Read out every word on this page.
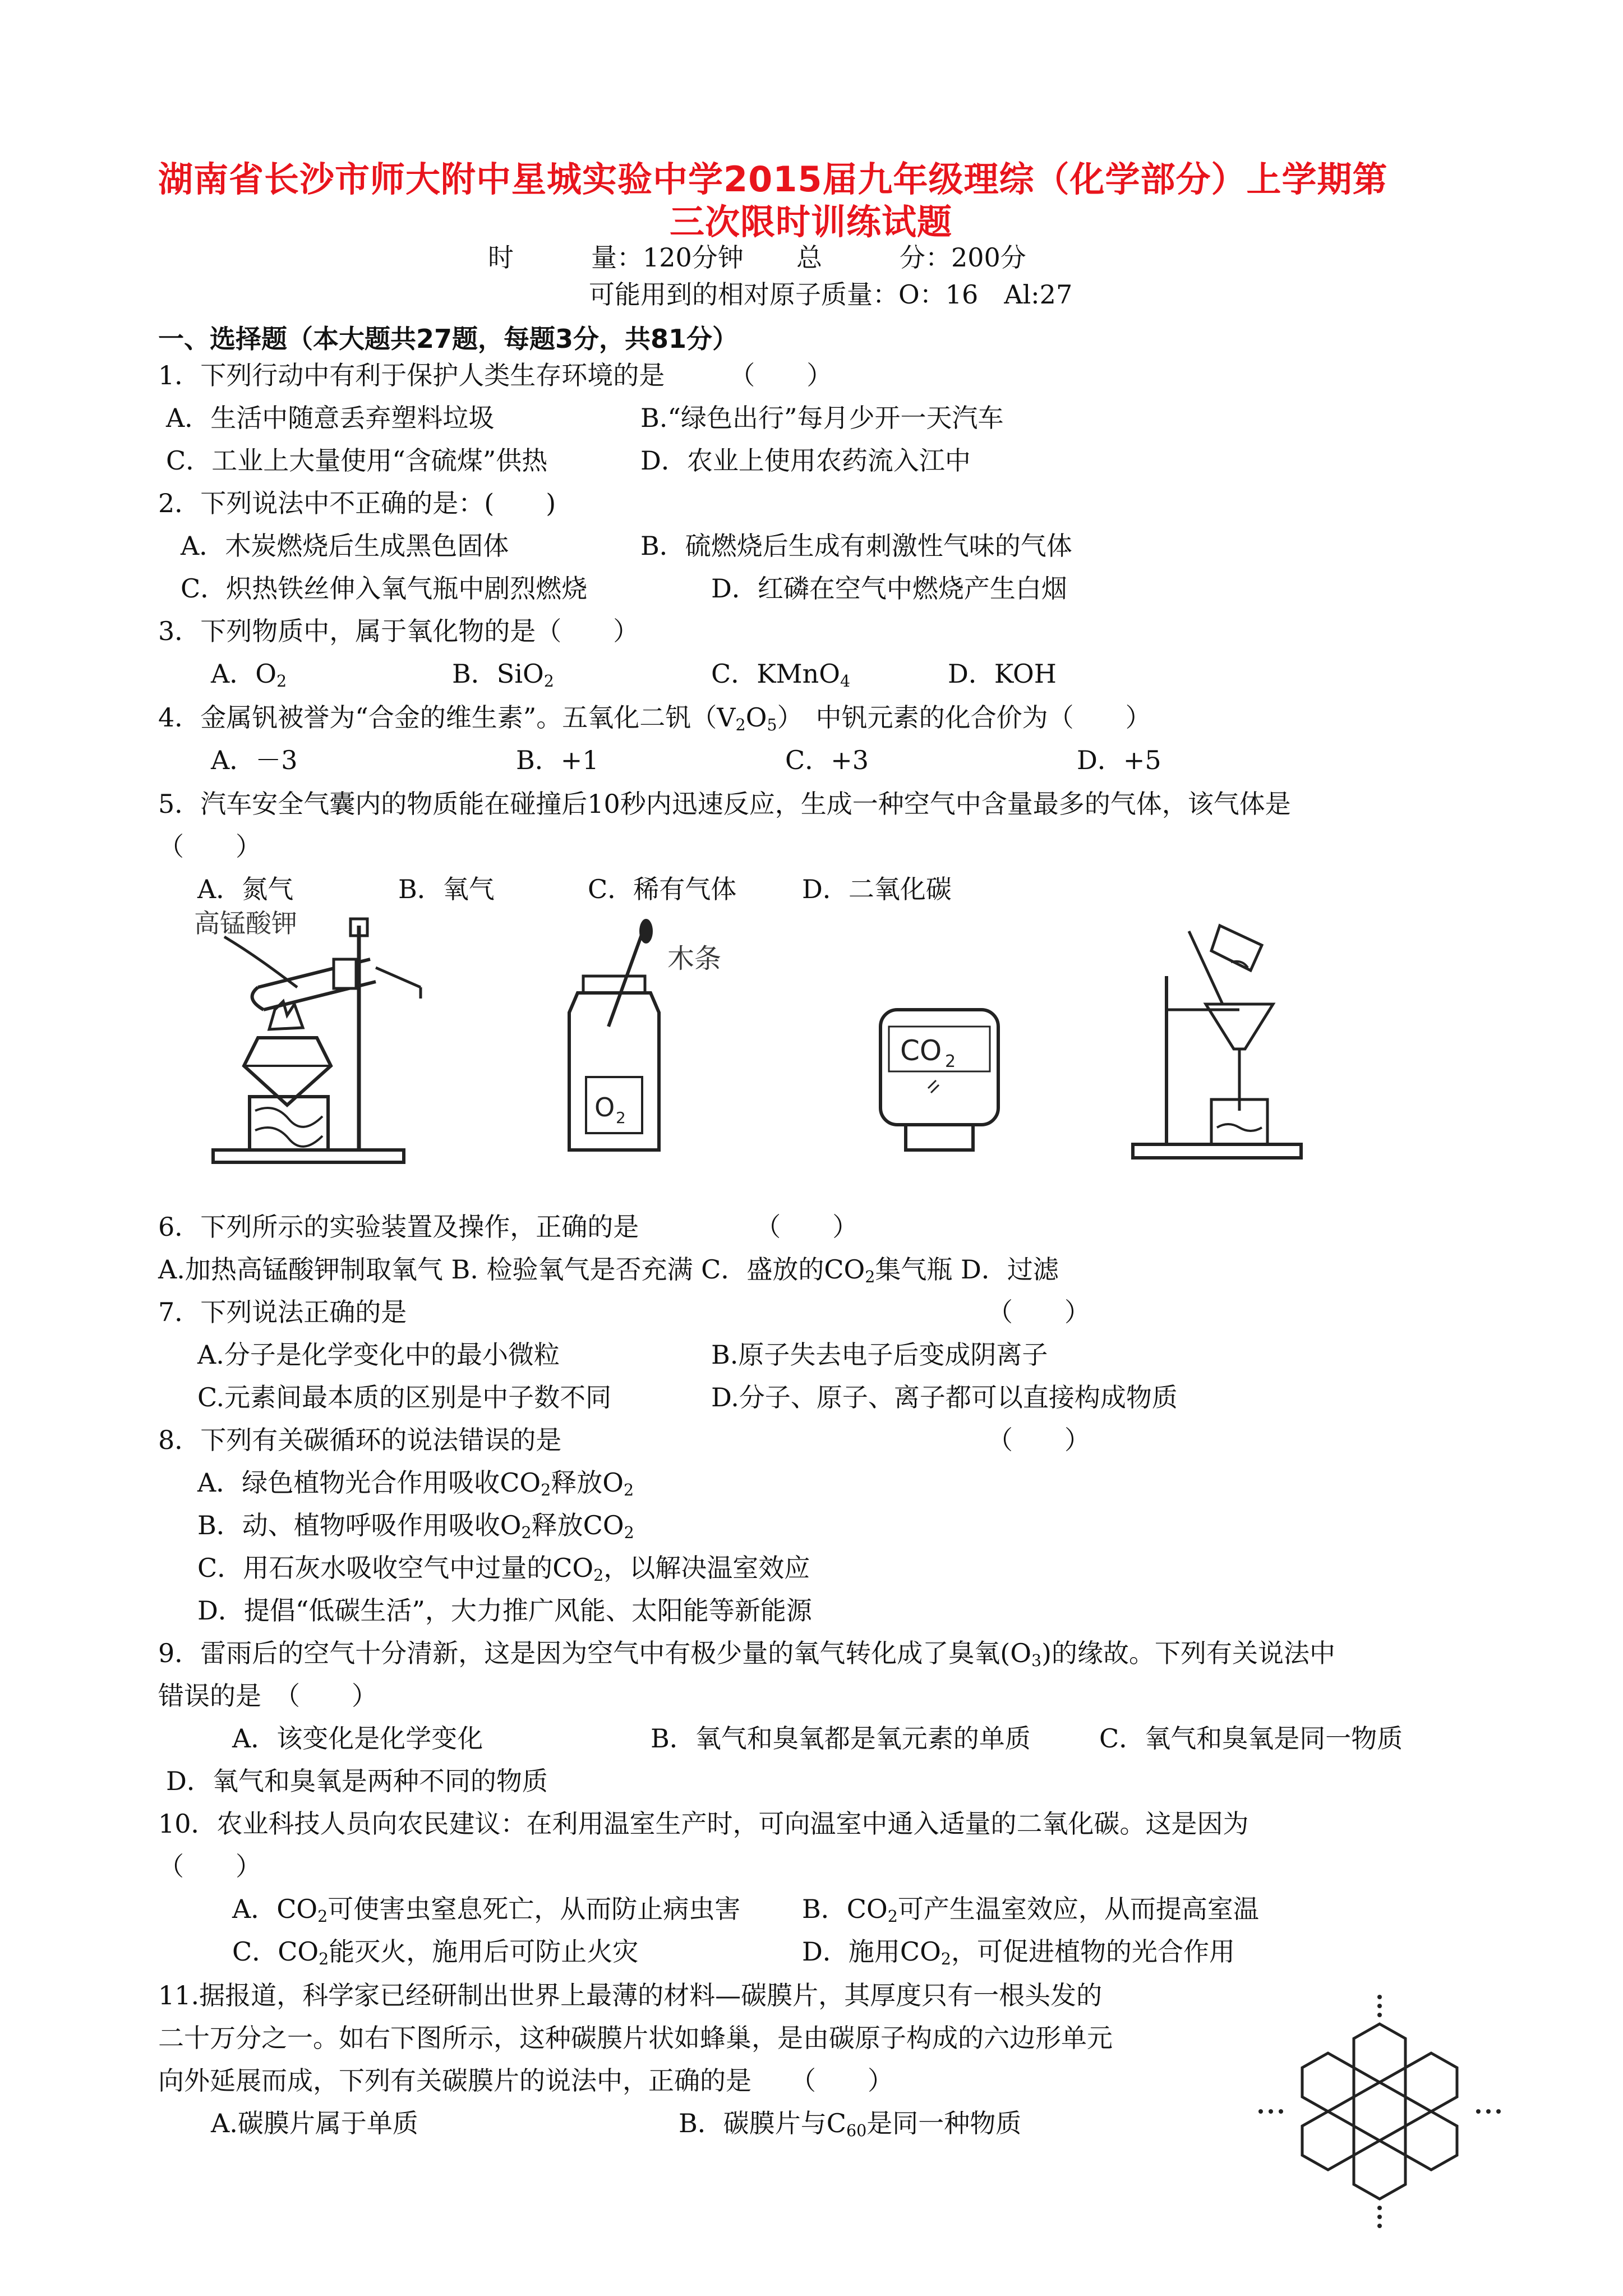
湖南省长沙市师大附中星城实验中学2015届九年级理综（化学部分）上学期第
三次限时训练试题
时　　　量：120分钟 总　　　分：200分
可能用到的相对原子质量：O：16　Al:27
一、选择题（本大题共27题，每题3分，共81分）
1．下列行动中有利于保护人类生存环境的是　　　（　　）
A．生活中随意丢弃塑料垃圾	B.“绿色出行”每月少开一天汽车
C．工业上大量使用“含硫煤”供热	D．农业上使用农药流入江中
2．下列说法中不正确的是：(　　)
A．木炭燃烧后生成黑色固体	B．硫燃烧后生成有刺激性气味的气体
C．炽热铁丝伸入氧气瓶中剧烈燃烧	D．红磷在空气中燃烧产生白烟
3．下列物质中，属于氧化物的是（　　）
A．$O_2$	B．SiO$_2$	C．KMnO$_4$	D．KOH
4．金属钒被誉为“合金的维生素”。五氧化二钒$(V_2O_5)$　中钒元素的化合价为（　　）
A．－3	B．+1	C．+3	D．+5
5．汽车安全气囊内的物质能在碰撞后10秒内迅速反应，生成一种空气中含量最多的气体，该气体是
（　　）
A．氮气	B．氧气	C．稀有气体	D．二氧化碳
高锰酸钾
木条
O 2
CO 2
6．下列所示的实验装置及操作，正确的是　　　　　（　　）
A.加热高锰酸钾制取氧气 B. 检验氧气是否充满 C．盛放的$CO_2$集气瓶 D．过滤
7．下列说法正确的是	（　　）
A.分子是化学变化中的最小微粒	B.原子失去电子后变成阴离子
C.元素间最本质的区别是中子数不同	D.分子、原子、离子都可以直接构成物质
8．下列有关碳循环的说法错误的是	（　　）
A．绿色植物光合作用吸收$CO_2$释放$O_2$
B．动、植物呼吸作用吸收$O_2$释放$CO_2$
C．用石灰水吸收空气中过量的$CO_2$，以解决温室效应
D．提倡“低碳生活”，大力推广风能、太阳能等新能源
9．雷雨后的空气十分清新，这是因为空气中有极少量的氧气转化成了臭氧$(O_3)$的缘故。下列有关说法中
错误的是　（　　）
A．该变化是化学变化	B．氧气和臭氧都是氧元素的单质	C．氧气和臭氧是同一物质
D．氧气和臭氧是两种不同的物质
10．农业科技人员向农民建议：在利用温室生产时，可向温室中通入适量的二氧化碳。这是因为
（　　）
A．$CO_2$可使害虫窒息死亡，从而防止病虫害 B．$CO_2$可产生温室效应，从而提高室温
C．$CO_2$能灭火，施用后可防止火灾	D．施用$CO_2$，可促进植物的光合作用
11.据报道，科学家已经研制出世界上最薄的材料—碳膜片，其厚度只有一根头发的
二十万分之一。如右下图所示，这种碳膜片状如蜂巢，是由碳原子构成的六边形单元
向外延展而成，下列有关碳膜片的说法中，正确的是　　（　　）
A.碳膜片属于单质	B．碳膜片与$C_{60}$是同一种物质
